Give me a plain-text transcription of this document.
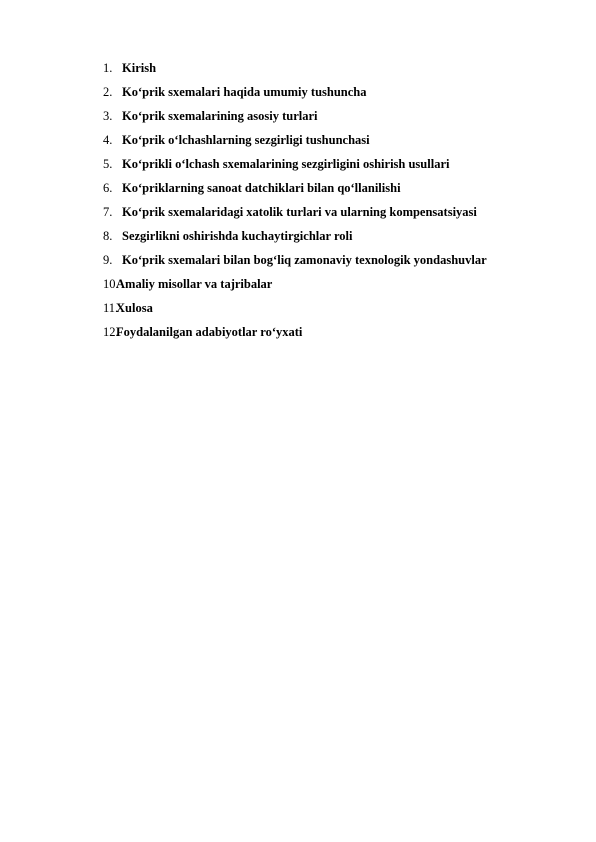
1. Kirish
2. Ko‘prik sxemalari haqida umumiy tushuncha
3. Ko‘prik sxemalarining asosiy turlari
4. Ko‘prik o‘lchashlarning sezgirligi tushunchasi
5. Ko‘prikli o‘lchash sxemalarining sezgirligini oshirish usullari
6. Ko‘priklarning sanoat datchiklari bilan qo‘llanilishi
7. Ko‘prik sxemalaridagi xatolik turlari va ularning kompensatsiyasi
8. Sezgirlikni oshirishda kuchaytirgichlar roli
9. Ko‘prik sxemalari bilan bog‘liq zamonaviy texnologik yondashuvlar
10.
Amaliy misollar va tajribalar
11.
Xulosa
12.
Foydalanilgan adabiyotlar ro‘yxati
